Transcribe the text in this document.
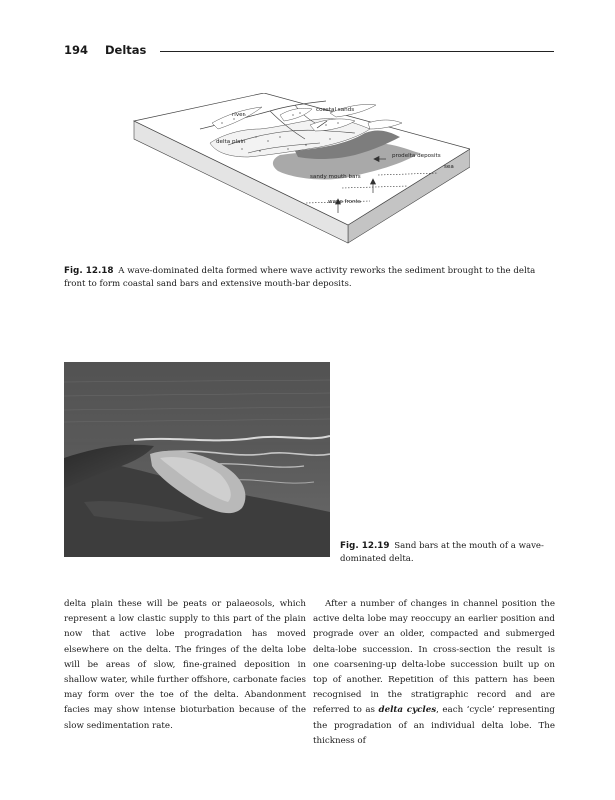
194 Deltas
river
coastal sands
delta plain
prodelta deposits
sea
sandy mouth bars
wave fronts
Fig. 12.18 A wave-dominated delta formed where wave activity reworks the sediment brought to the delta front to form coastal sand bars and extensive mouth-bar deposits.
Fig. 12.19 Sand bars at the mouth of a wave-dominated delta.
delta plain these will be peats or palaeosols, which represent a low clastic supply to this part of the plain now that active lobe progradation has moved elsewhere on the delta. The fringes of the delta lobe will be areas of slow, fine-grained deposition in shallow water, while further offshore, carbonate facies may form over the toe of the delta. Abandonment facies may show intense bioturbation because of the slow sedimentation rate.
After a number of changes in channel position the active delta lobe may reoccupy an earlier position and prograde over an older, compacted and submerged delta-lobe succession. In cross-section the result is one coarsening-up delta-lobe succession built up on top of another. Repetition of this pattern has been recognised in the stratigraphic record and are referred to as delta cycles, each ‘cycle’ representing the progradation of an individual delta lobe. The thickness of
